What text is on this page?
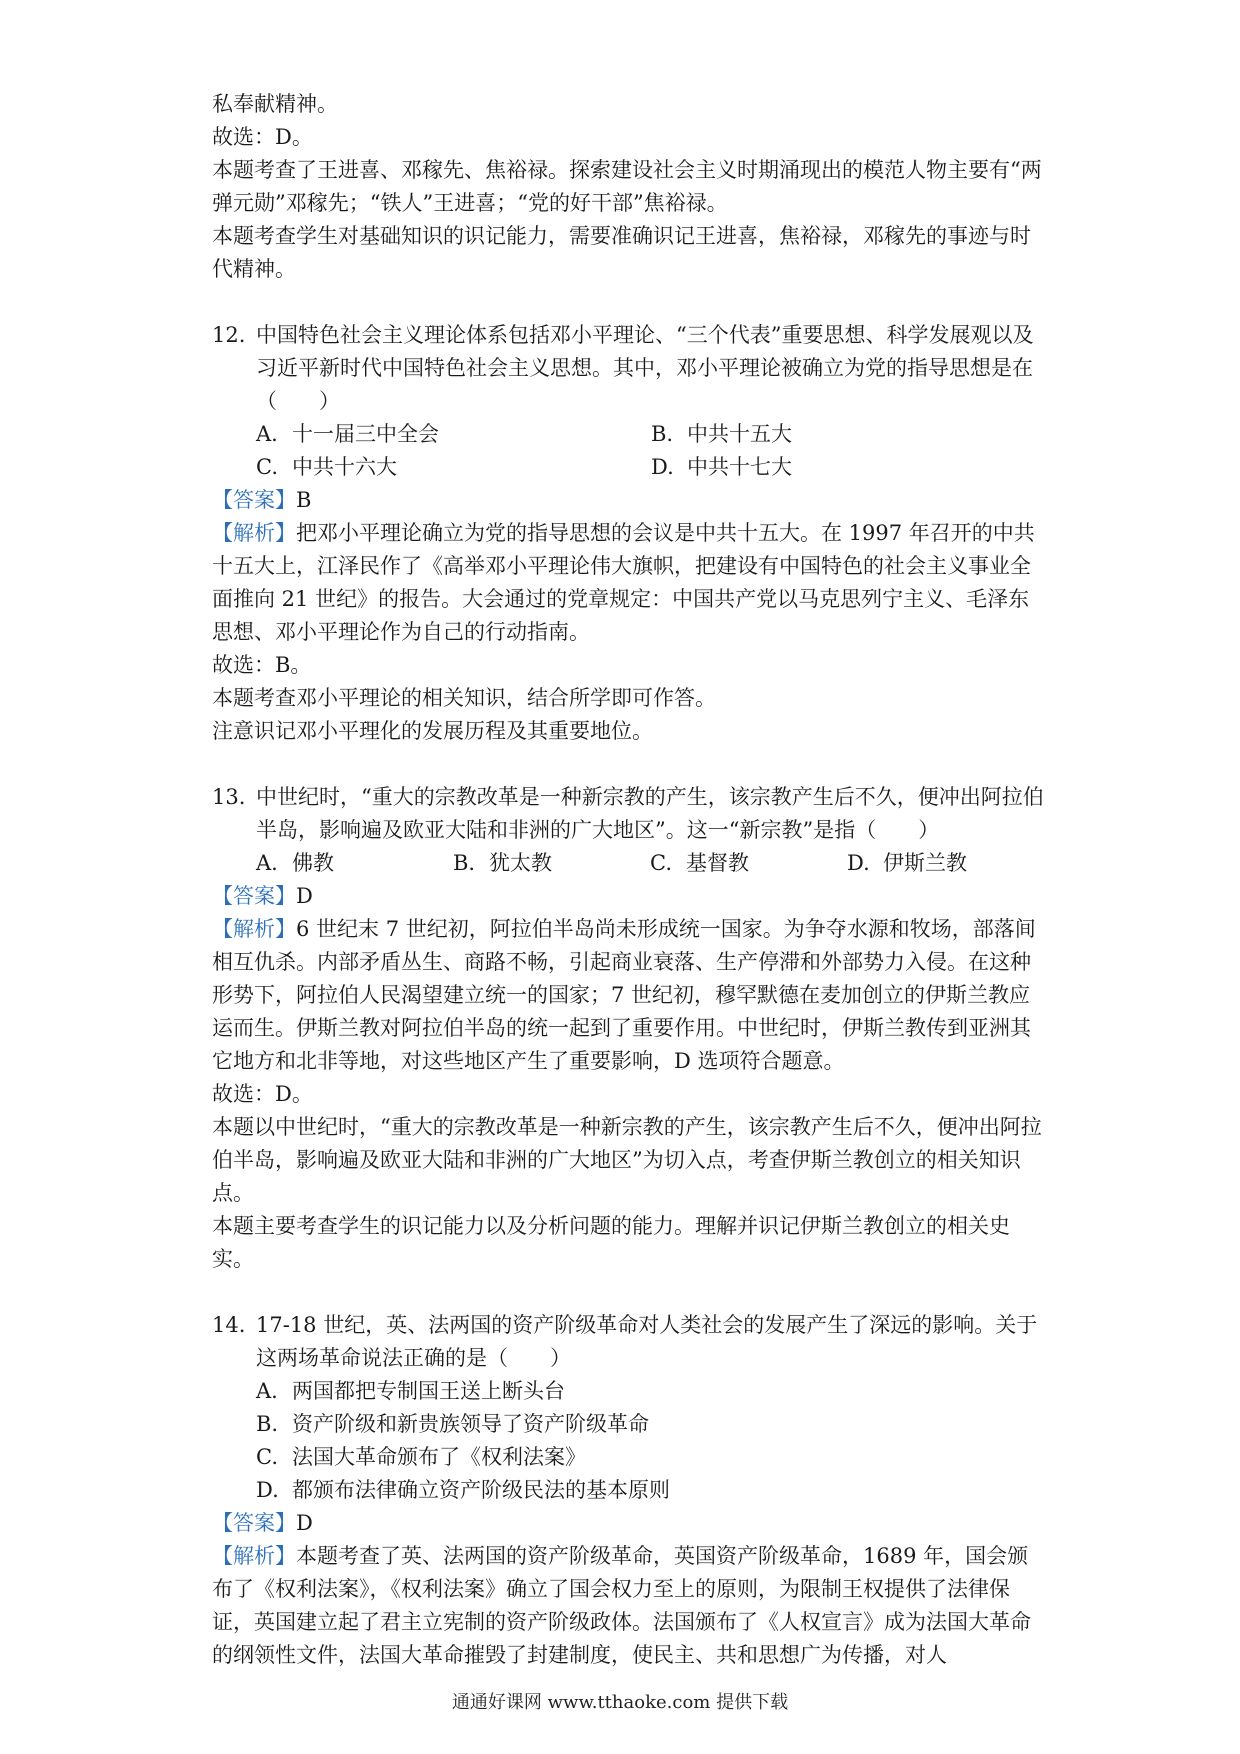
私奉献精神。

故选：D。

本题考查了王进喜、邓稼先、焦裕禄。探索建设社会主义时期涌现出的模范人物主要有“两弹元勋”邓稼先；“铁人”王进喜；“党的好干部”焦裕禄。

本题考查学生对基础知识的识记能力，需要准确识记王进喜，焦裕禄，邓稼先的事迹与时代精神。

12. 中国特色社会主义理论体系包括邓小平理论、“三个代表”重要思想、科学发展观以及习近平新时代中国特色社会主义思想。其中，邓小平理论被确立为党的指导思想是在（　　）
A. 十一届三中全会	B. 中共十五大
C. 中共十六大	D. 中共十七大

【答案】B

【解析】把邓小平理论确立为党的指导思想的会议是中共十五大。在 1997 年召开的中共十五大上，江泽民作了《高举邓小平理论伟大旗帜，把建设有中国特色的社会主义事业全面推向 21 世纪》的报告。大会通过的党章规定：中国共产党以马克思列宁主义、毛泽东思想、邓小平理论作为自己的行动指南。

故选：B。

本题考查邓小平理论的相关知识，结合所学即可作答。

注意识记邓小平理化的发展历程及其重要地位。

13. 中世纪时，“重大的宗教改革是一种新宗教的产生，该宗教产生后不久，便冲出阿拉伯半岛，影响遍及欧亚大陆和非洲的广大地区”。这一“新宗教”是指（　　）
A. 佛教	B. 犹太教	C. 基督教	D. 伊斯兰教

【答案】D

【解析】6 世纪末 7 世纪初，阿拉伯半岛尚未形成统一国家。为争夺水源和牧场，部落间相互仇杀。内部矛盾丛生、商路不畅，引起商业衰落、生产停滞和外部势力入侵。在这种形势下，阿拉伯人民渴望建立统一的国家；7 世纪初，穆罕默德在麦加创立的伊斯兰教应运而生。伊斯兰教对阿拉伯半岛的统一起到了重要作用。中世纪时，伊斯兰教传到亚洲其它地方和北非等地，对这些地区产生了重要影响，D 选项符合题意。

故选：D。

本题以中世纪时，“重大的宗教改革是一种新宗教的产生，该宗教产生后不久，便冲出阿拉伯半岛，影响遍及欧亚大陆和非洲的广大地区”为切入点，考查伊斯兰教创立的相关知识点。

本题主要考查学生的识记能力以及分析问题的能力。理解并识记伊斯兰教创立的相关史实。

14. 17-18 世纪，英、法两国的资产阶级革命对人类社会的发展产生了深远的影响。关于这两场革命说法正确的是（　　）
A. 两国都把专制国王送上断头台
B. 资产阶级和新贵族领导了资产阶级革命
C. 法国大革命颁布了《权利法案》
D. 都颁布法律确立资产阶级民法的基本原则

【答案】D

【解析】本题考查了英、法两国的资产阶级革命，英国资产阶级革命，1689 年，国会颁布了《权利法案》，《权利法案》确立了国会权力至上的原则，为限制王权提供了法律保证，英国建立起了君主立宪制的资产阶级政体。法国颁布了《人权宣言》成为法国大革命的纲领性文件，法国大革命摧毁了封建制度，使民主、共和思想广为传播，对人

通通好课网 www.tthaoke.com 提供下载
